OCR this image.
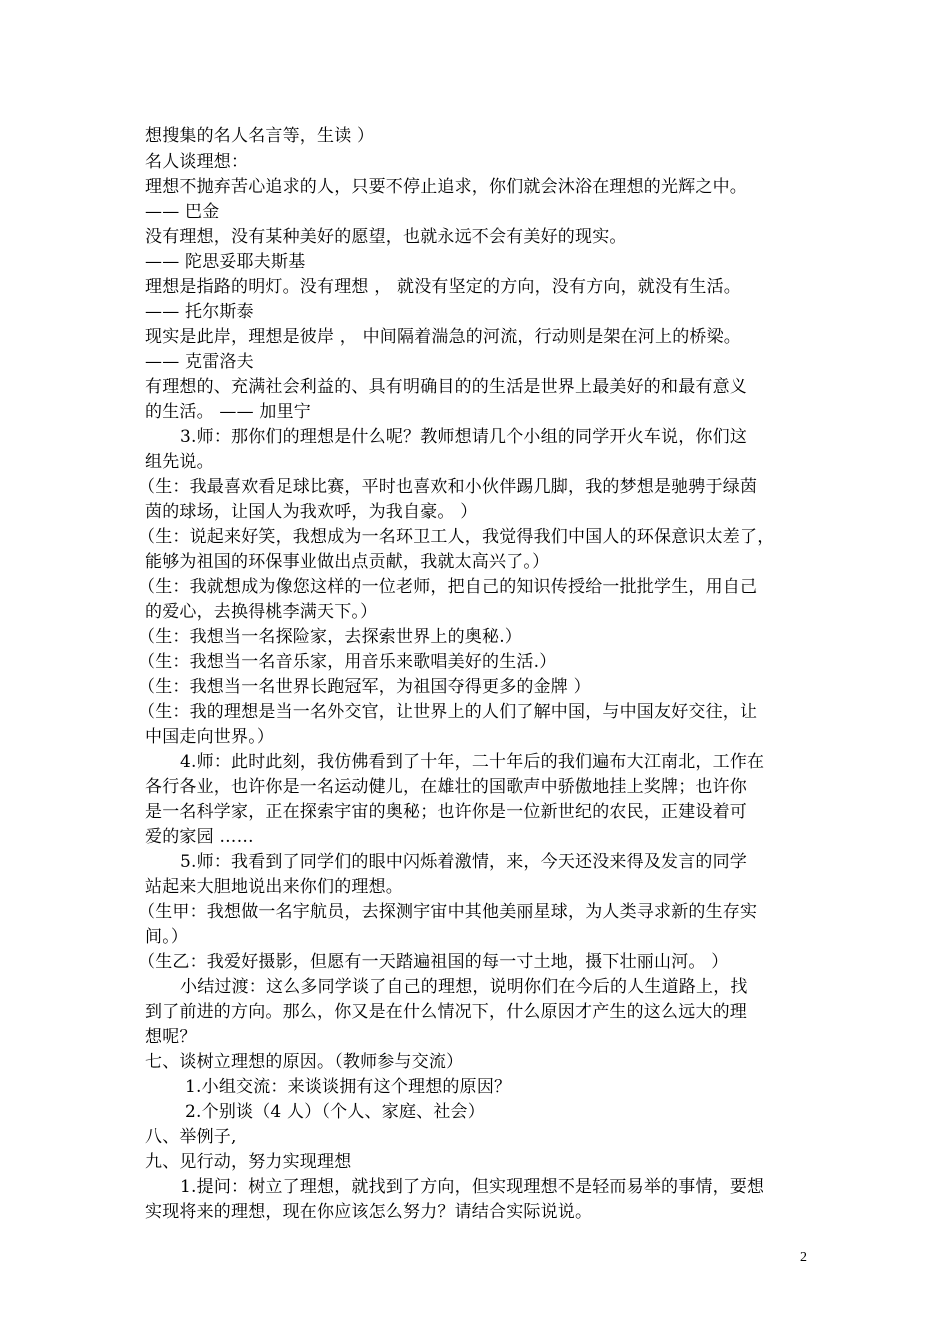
想搜集的名人名言等，生读 ）
名人谈理想：
理想不抛弃苦心追求的人，只要不停止追求，你们就会沐浴在理想的光辉之中。
—— 巴金
没有理想，没有某种美好的愿望，也就永远不会有美好的现实。
—— 陀思妥耶夫斯基
理想是指路的明灯。没有理想 ， 就没有坚定的方向，没有方向，就没有生活。
—— 托尔斯泰
现实是此岸，理想是彼岸 ， 中间隔着湍急的河流，行动则是架在河上的桥梁。
—— 克雷洛夫
有理想的、充满社会利益的、具有明确目的的生活是世界上最美好的和最有意义
的生活。 —— 加里宁
3.师：那你们的理想是什么呢？教师想请几个小组的同学开火车说，你们这
组先说。
（生：我最喜欢看足球比赛，平时也喜欢和小伙伴踢几脚，我的梦想是驰骋于绿茵
茵的球场，让国人为我欢呼，为我自豪。 ）
（生：说起来好笑，我想成为一名环卫工人，我觉得我们中国人的环保意识太差了，
能够为祖国的环保事业做出点贡献，我就太高兴了。）
（生：我就想成为像您这样的一位老师，把自己的知识传授给一批批学生，用自己
的爱心，去换得桃李满天下。）
（生：我想当一名探险家，去探索世界上的奥秘.）
（生：我想当一名音乐家，用音乐来歌唱美好的生活.）
（生：我想当一名世界长跑冠军，为祖国夺得更多的金牌 ）
（生：我的理想是当一名外交官，让世界上的人们了解中国，与中国友好交往，让
中国走向世界。）
4.师：此时此刻，我仿佛看到了十年，二十年后的我们遍布大江南北，工作在
各行各业，也许你是一名运动健儿，在雄壮的国歌声中骄傲地挂上奖牌；也许你
是一名科学家，正在探索宇宙的奥秘；也许你是一位新世纪的农民，正建设着可
爱的家园 ……
5.师：我看到了同学们的眼中闪烁着激情，来，今天还没来得及发言的同学
站起来大胆地说出来你们的理想。
（生甲：我想做一名宇航员，去探测宇宙中其他美丽星球，为人类寻求新的生存实
间。）
（生乙：我爱好摄影，但愿有一天踏遍祖国的每一寸土地，摄下壮丽山河。 ）
小结过渡：这么多同学谈了自己的理想，说明你们在今后的人生道路上，找
到了前进的方向。那么，你又是在什么情况下，什么原因才产生的这么远大的理
想呢？
七、谈树立理想的原因。（教师参与交流）
1.小组交流：来谈谈拥有这个理想的原因？
2.个别谈（4 人）（个人、家庭、社会）
八、举例子,
九、见行动，努力实现理想
1.提问：树立了理想，就找到了方向，但实现理想不是轻而易举的事情，要想
实现将来的理想，现在你应该怎么努力？请结合实际说说。
2
